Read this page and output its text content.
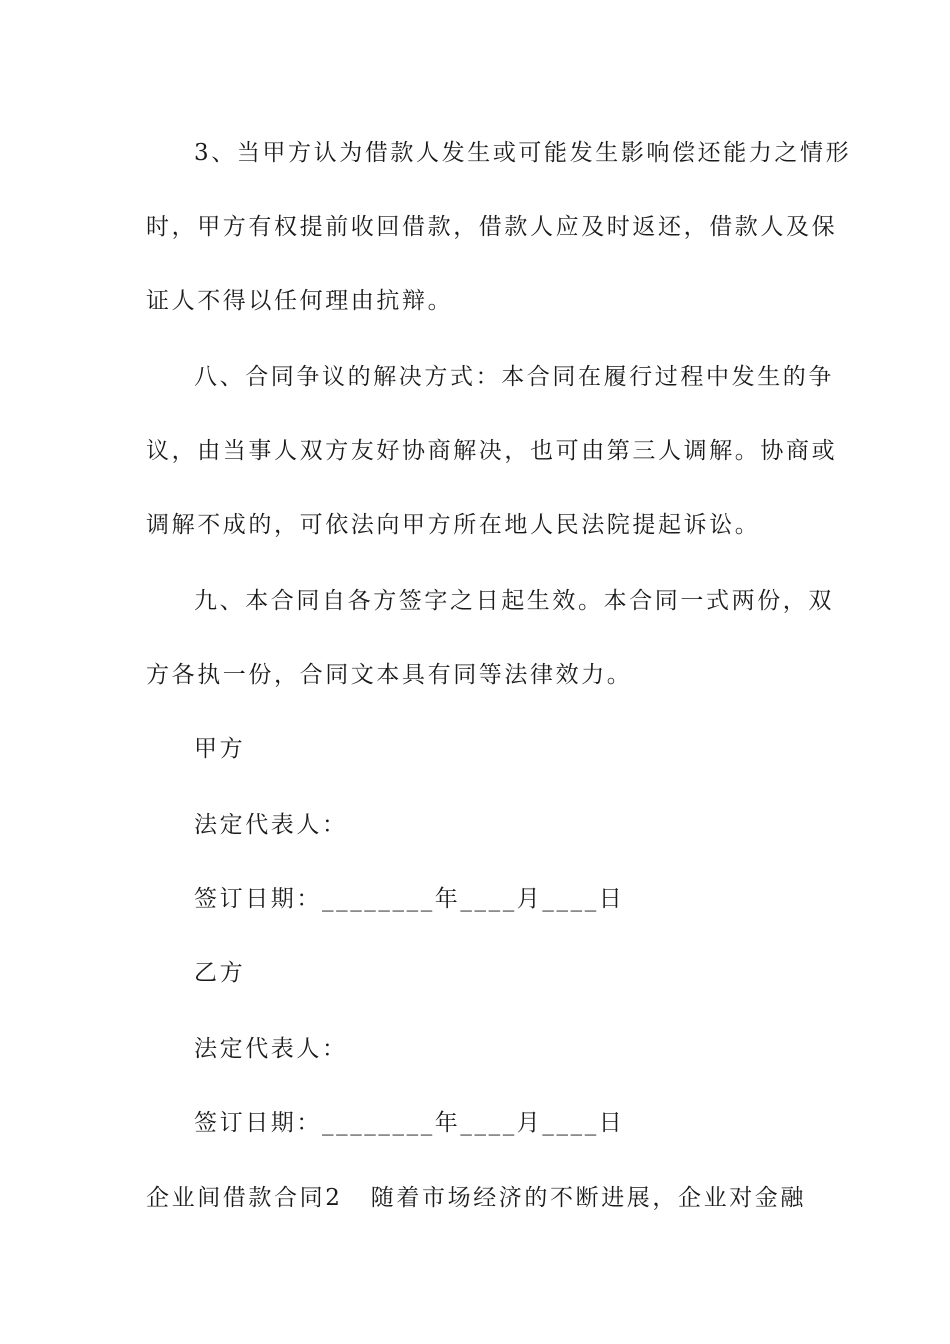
3、当甲方认为借款人发生或可能发生影响偿还能力之情形
时，甲方有权提前收回借款，借款人应及时返还，借款人及保
证人不得以任何理由抗辩。
八、合同争议的解决方式：本合同在履行过程中发生的争
议，由当事人双方友好协商解决，也可由第三人调解。协商或
调解不成的，可依法向甲方所在地人民法院提起诉讼。
九、本合同自各方签字之日起生效。本合同一式两份，双
方各执一份，合同文本具有同等法律效力。
甲方
法定代表人：
签订日期：________年____月____日
乙方
法定代表人：
签订日期：________年____月____日
企业间借款合同2 随着市场经济的不断进展，企业对金融
